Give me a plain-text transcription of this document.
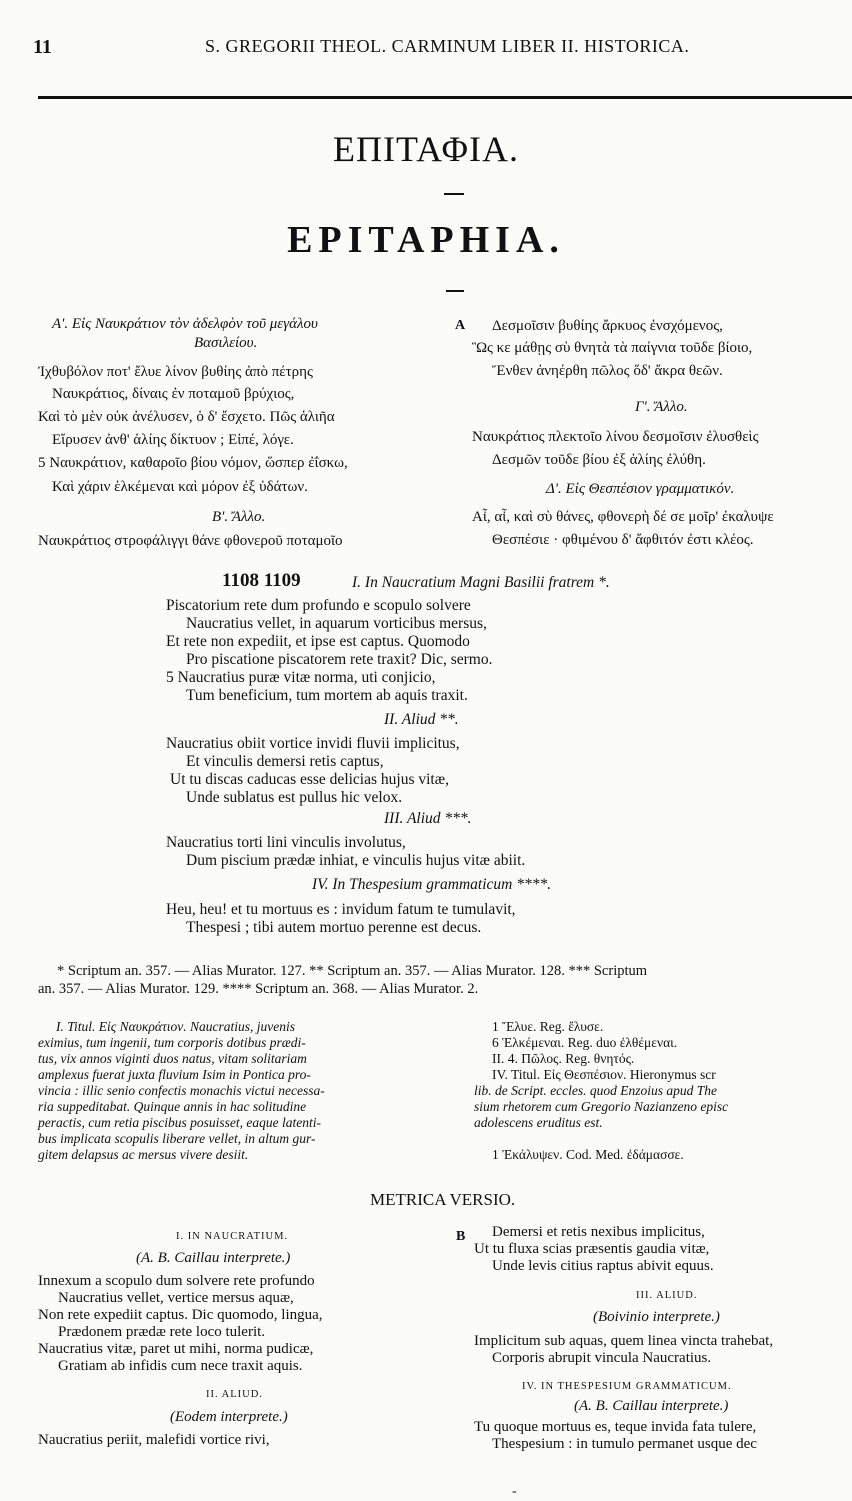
11	S. GREGORII THEOL. CARMINUM LIBER II. HISTORICA.
ΕΠΙΤΑΦΙΑ.
EPITAPHIA.
Α'. Εἰς Ναυκράτιον τὸν ἀδελφὸν τοῦ μεγάλου
Βασιλείου.
Ἰχθυβόλον ποτ' ἔλυε λίνον βυθίης ἀπὸ πέτρης
Ναυκράτιος, δίναις ἐν ποταμοῦ βρύχιος,
Καὶ τὸ μὲν οὐκ ἀνέλυσεν, ὁ δ' ἔσχετο. Πῶς ἁλιῆα
Εἴρυσεν ἀνθ' ἁλίης δίκτυον ; Εἰπέ, λόγε.
5 Ναυκράτιον, καθαροῖο βίου νόμον, ὥσπερ ἐΐσκω,
Καὶ χάριν ἑλκέμεναι καὶ μόρον ἐξ ὑδάτων.
Β'. Ἄλλο.
Ναυκράτιος στροφάλιγγι θάνε φθονεροῦ ποταμοῖο
A Δεσμοῖσιν βυθίης ἄρκυος ἐνσχόμενος,
Ὣς κε μάθῃς σὺ θνητὰ τὰ παίγνια τοῦδε βίοιο,
Ἔνθεν ἀνηέρθη πῶλος ὅδ' ἄκρα θεῶν.
Γ'. Ἄλλο.
Ναυκράτιος πλεκτοῖο λίνου δεσμοῖσιν ἐλυσθεὶς
Δεσμῶν τοῦδε βίου ἐξ ἁλίης ἐλύθη.
Δ'. Εἰς Θεσπέσιον γραμματικόν.
Αἶ, αἶ, καὶ σὺ θάνες, φθονερὴ δέ σε μοῖρ' ἐκαλυψε
Θεσπέσιε · φθιμένου δ' ἄφθιτόν ἐστι κλέος.
1108 1109	I. In Naucratium Magni Basilii fratrem *.
Piscatorium rete dum profundo e scopulo solvere
Naucratius vellet, in aquarum vorticibus mersus,
Et rete non expediit, et ipse est captus. Quomodo
Pro piscatione piscatorem rete traxit? Dic, sermo.
5 Naucratius puræ vitæ norma, uti conjicio,
Tum beneficium, tum mortem ab aquis traxit.
II. Aliud **.
Naucratius obiit vortice invidi fluvii implicitus,
Et vinculis demersi retis captus,
Ut tu discas caducas esse delicias hujus vitæ,
Unde sublatus est pullus hic velox.
III. Aliud ***.
Naucratius torti lini vinculis involutus,
Dum piscium prædæ inhiat, e vinculis hujus vitæ abiit.
IV. In Thespesium grammaticum ****.
Heu, heu! et tu mortuus es : invidum fatum te tumulavit,
Thespesi ; tibi autem mortuo perenne est decus.
* Scriptum an. 357. — Alias Murator. 127. ** Scriptum an. 357. — Alias Murator. 128. *** Scriptum
an. 357. — Alias Murator. 129. **** Scriptum an. 368. — Alias Murator. 2.
I. Titul. Εἰς Ναυκράτιον. Naucratius, juvenis
eximius, tum ingenii, tum corporis dotibus prædi-
tus, vix annos viginti duos natus, vitam solitariam
amplexus fuerat juxta fluvium Isim in Pontica pro-
vincia : illic senio confectis monachis victui necessa-
ria suppeditabat. Quinque annis in hac solitudine
peractis, cum retia piscibus posuisset, eaque latenti-
bus implicata scopulis liberare vellet, in altum gur-
gitem delapsus ac mersus vivere desiit.
1 Ἔλυε. Reg. ἔλυσε.
6 Ἑλκέμεναι. Reg. duo ἐλθέμεναι.
II. 4. Πῶλος. Reg. θνητός.
IV. Titul. Εἰς Θεσπέσιον. Hieronymus scr
lib. de Script. eccles. quod Enzoius apud The
sium rhetorem cum Gregorio Nazianzeno episc
adolescens eruditus est.
1 Ἐκάλυψεν. Cod. Med. ἐδάμασσε.
METRICA VERSIO.
I. IN NAUCRATIUM.
(A. B. Caillau interprete.)
Innexum a scopulo dum solvere rete profundo
Naucratius vellet, vertice mersus aquæ,
Non rete expediit captus. Dic quomodo, lingua,
Prædonem prædæ rete loco tulerit.
Naucratius vitæ, paret ut mihi, norma pudicæ,
Gratiam ab infidis cum nece traxit aquis.
II. ALIUD.
(Eodem interprete.)
Naucratius periit, malefidi vortice rivi,
B Demersi et retis nexibus implicitus,
Ut tu fluxa scias præsentis gaudia vitæ,
Unde levis citius raptus abivit equus.
III. ALIUD.
(Boivinio interprete.)
Implicitum sub aquas, quem linea vincta trahebat,
Corporis abrupit vincula Naucratius.
IV. IN THESPESIUM GRAMMATICUM.
(A. B. Caillau interprete.)
Tu quoque mortuus es, teque invida fata tulere,
Thespesium : in tumulo permanet usque dec
-
